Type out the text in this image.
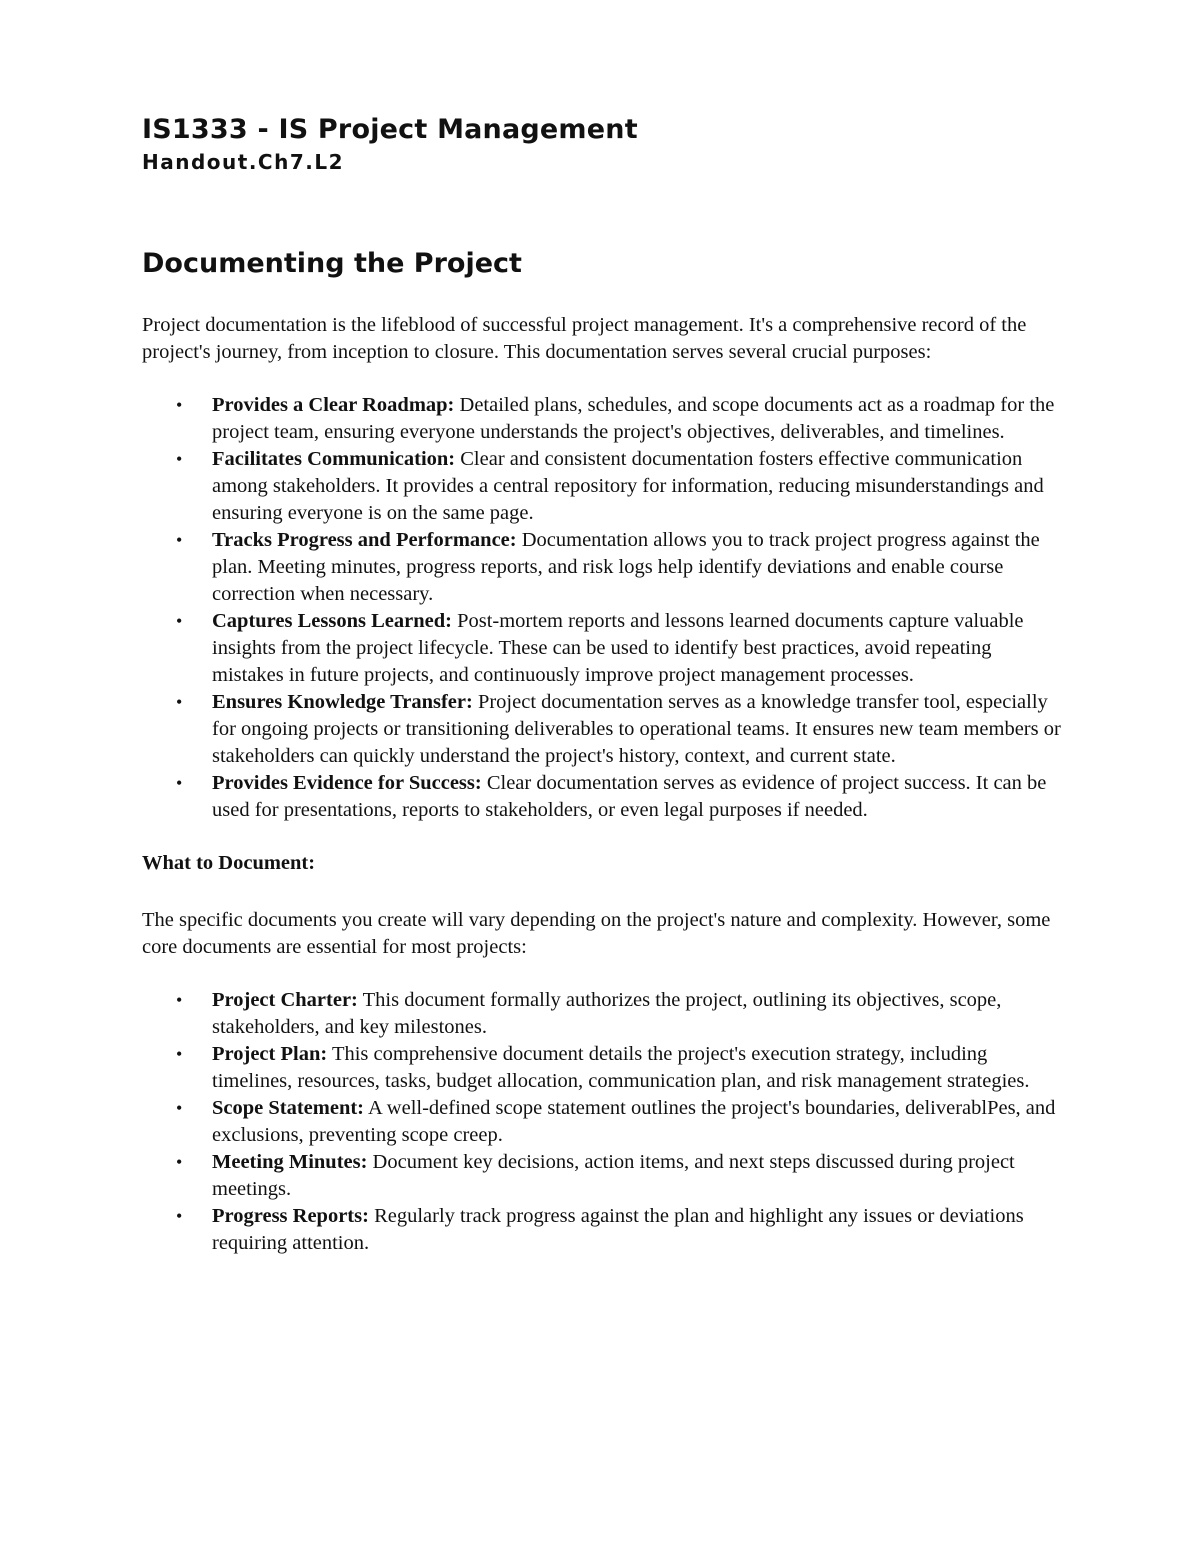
IS1333 - IS Project Management
Handout.Ch7.L2
Documenting the Project

Project documentation is the lifeblood of successful project management. It's a comprehensive record of the project's journey, from inception to closure. This documentation serves several crucial purposes:

• Provides a Clear Roadmap: Detailed plans, schedules, and scope documents act as a roadmap for the project team, ensuring everyone understands the project's objectives, deliverables, and timelines.
• Facilitates Communication: Clear and consistent documentation fosters effective communication among stakeholders. It provides a central repository for information, reducing misunderstandings and ensuring everyone is on the same page.
• Tracks Progress and Performance: Documentation allows you to track project progress against the plan. Meeting minutes, progress reports, and risk logs help identify deviations and enable course correction when necessary.
• Captures Lessons Learned: Post-mortem reports and lessons learned documents capture valuable insights from the project lifecycle. These can be used to identify best practices, avoid repeating mistakes in future projects, and continuously improve project management processes.
• Ensures Knowledge Transfer: Project documentation serves as a knowledge transfer tool, especially for ongoing projects or transitioning deliverables to operational teams. It ensures new team members or stakeholders can quickly understand the project's history, context, and current state.
• Provides Evidence for Success: Clear documentation serves as evidence of project success. It can be used for presentations, reports to stakeholders, or even legal purposes if needed.
What to Document:

The specific documents you create will vary depending on the project's nature and complexity. However, some core documents are essential for most projects:

• Project Charter: This document formally authorizes the project, outlining its objectives, scope, stakeholders, and key milestones.
• Project Plan: This comprehensive document details the project's execution strategy, including timelines, resources, tasks, budget allocation, communication plan, and risk management strategies.
• Scope Statement: A well-defined scope statement outlines the project's boundaries, deliverablPes, and exclusions, preventing scope creep.
• Meeting Minutes: Document key decisions, action items, and next steps discussed during project meetings.
• Progress Reports: Regularly track progress against the plan and highlight any issues or deviations requiring attention.
